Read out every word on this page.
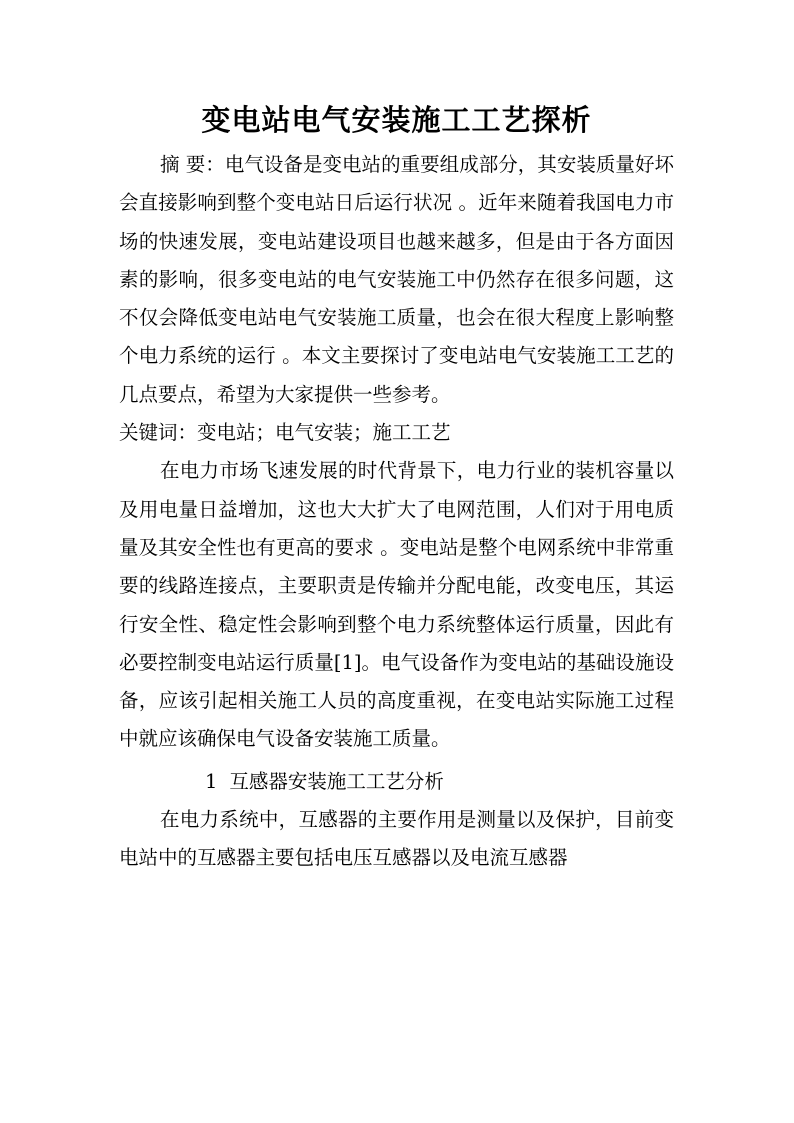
变电站电气安装施工工艺探析

摘 要：电气设备是变电站的重要组成部分，其安装质量好坏会直接影响到整个变电站日后运行状况 。近年来随着我国电力市场的快速发展，变电站建设项目也越来越多，但是由于各方面因素的影响，很多变电站的电气安装施工中仍然存在很多问题，这不仅会降低变电站电气安装施工质量，也会在很大程度上影响整个电力系统的运行 。本文主要探讨了变电站电气安装施工工艺的几点要点，希望为大家提供一些参考。

关键词：变电站；电气安装；施工工艺

在电力市场飞速发展的时代背景下，电力行业的装机容量以及用电量日益增加，这也大大扩大了电网范围，人们对于用电质量及其安全性也有更高的要求 。变电站是整个电网系统中非常重要的线路连接点，主要职责是传输并分配电能，改变电压，其运行安全性、稳定性会影响到整个电力系统整体运行质量，因此有必要控制变电站运行质量[1]。电气设备作为变电站的基础设施设备，应该引起相关施工人员的高度重视，在变电站实际施工过程中就应该确保电气设备安装施工质量。

1 互感器安装施工工艺分析

在电力系统中，互感器的主要作用是测量以及保护，目前变电站中的互感器主要包括电压互感器以及电流互感器
